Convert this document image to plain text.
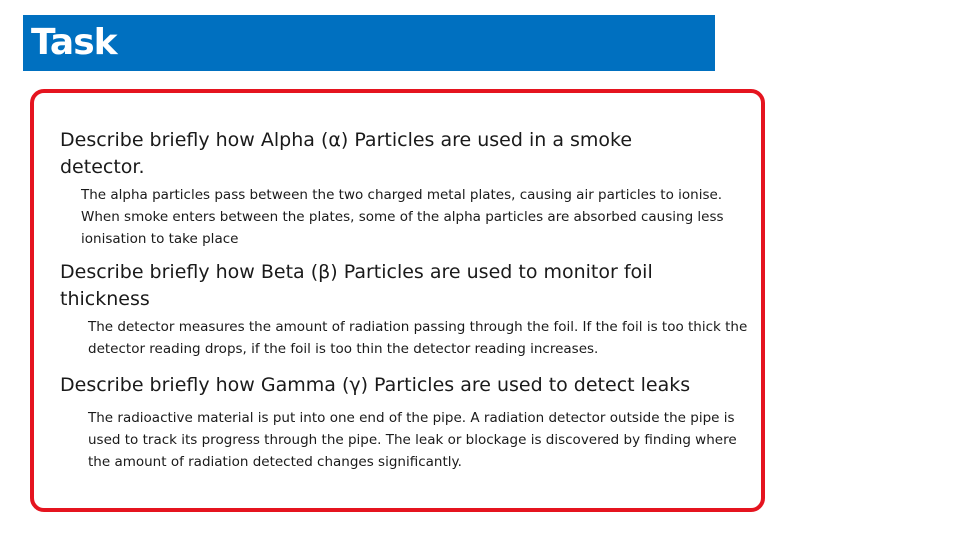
Task

Describe briefly how Alpha (α) Particles are used in a smoke detector.

The alpha particles pass between the two charged metal plates, causing air particles to ionise. When smoke enters between the plates, some of the alpha particles are absorbed causing less ionisation to take place

Describe briefly how Beta (β) Particles are used to monitor foil thickness

The detector measures the amount of radiation passing through the foil. If the foil is too thick the detector reading drops, if the foil is too thin the detector reading increases.

Describe briefly how Gamma (γ) Particles are used to detect leaks

The radioactive material is put into one end of the pipe. A radiation detector outside the pipe is used to track its progress through the pipe. The leak or blockage is discovered by finding where the amount of radiation detected changes significantly.
